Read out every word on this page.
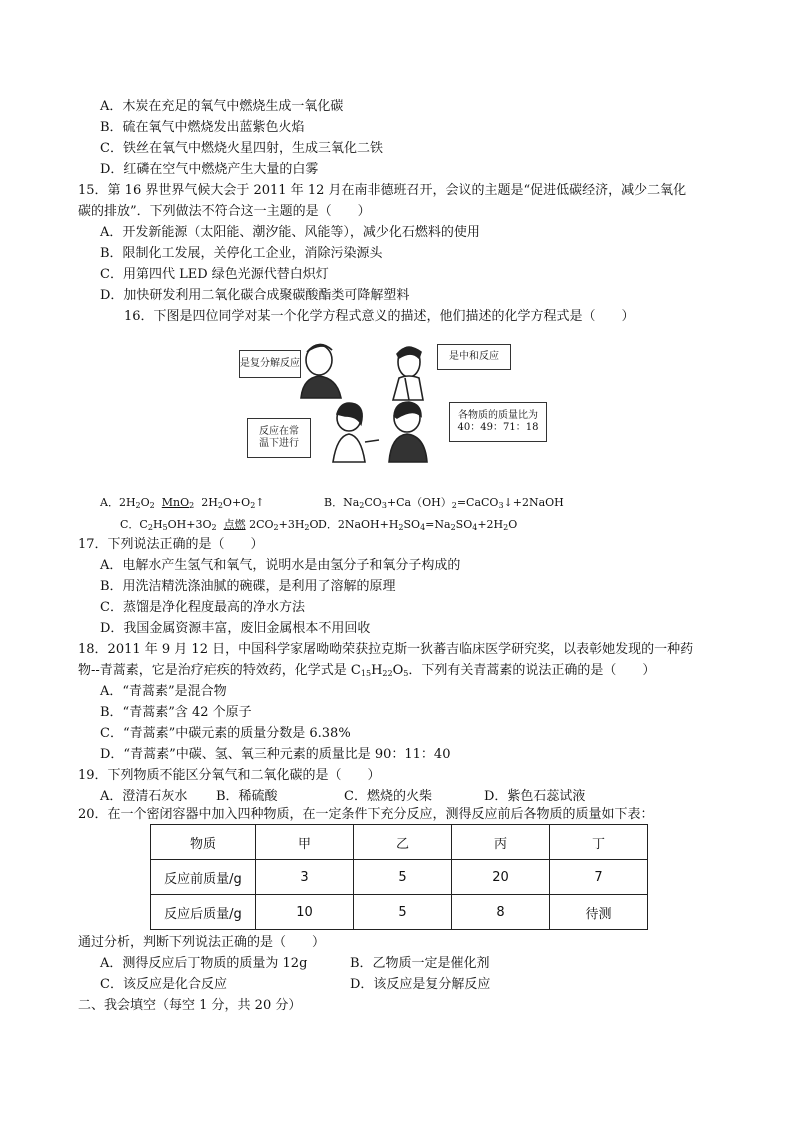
A．木炭在充足的氧气中燃烧生成一氧化碳
B．硫在氧气中燃烧发出蓝紫色火焰
C．铁丝在氧气中燃烧火星四射，生成三氧化二铁
D．红磷在空气中燃烧产生大量的白雾
15．第 16 界世界气候大会于 2011 年 12 月在南非德班召开，会议的主题是“促进低碳经济，减少二氧化
碳的排放”．下列做法不符合这一主题的是（　　）
A．开发新能源（太阳能、潮汐能、风能等），减少化石燃料的使用
B．限制化工发展，关停化工企业，消除污染源头
C．用第四代 LED 绿色光源代替白炽灯
D．加快研发利用二氧化碳合成聚碳酸酯类可降解塑料
16．下图是四位同学对某一个化学方程式意义的描述，他们描述的化学方程式是（　　）
是复分解反应
是中和反应
反应在常温下进行
各物质的质量比为
40：49：71：18
A．$2H_2O_2$ MnO$_2$ $2H_2O+O_2↑$	B．$Na_2CO_3+Ca(OH)_2=CaCO_3↓+2NaOH$
C．$C_2H_5OH+3O_2$ 点燃 $2CO_2+3H_2O$ D．$2NaOH+H_2SO_4=Na_2SO_4+2H_2O$
17．下列说法正确的是（　　）
A．电解水产生氢气和氧气，说明水是由氢分子和氧分子构成的
B．用洗洁精洗涤油腻的碗碟，是利用了溶解的原理
C．蒸馏是净化程度最高的净水方法
D．我国金属资源丰富，废旧金属根本不用回收
18．2011 年 9 月 12 日，中国科学家屠呦呦荣获拉克斯一狄蕃吉临床医学研究奖，以表彰她发现的一种药
物--青蒿素，它是治疗疟疾的特效药，化学式是 $C_{15}H_{22}O_5$．下列有关青蒿素的说法正确的是（　　）
A．“青蒿素”是混合物
B．“青蒿素”含 42 个原子
C．“青蒿素”中碳元素的质量分数是 6.38%
D．“青蒿素”中碳、氢、氧三种元素的质量比是 90：11：40
19．下列物质不能区分氧气和二氧化碳的是（　　）
A．澄清石灰水 B．稀硫酸	C．燃烧的火柴	D．紫色石蕊试液
20．在一个密闭容器中加入四种物质，在一定条件下充分反应，测得反应前后各物质的质量如下表：
物质	甲	乙	丙	丁
反应前质量/g	3	5	20	7
反应后质量/g	10	5	8	待测
通过分析，判断下列说法正确的是（　　）
A．测得反应后丁物质的质量为 12g	B．乙物质一定是催化剂
C．该反应是化合反应	D．该反应是复分解反应
二、我会填空（每空 1 分，共 20 分）
